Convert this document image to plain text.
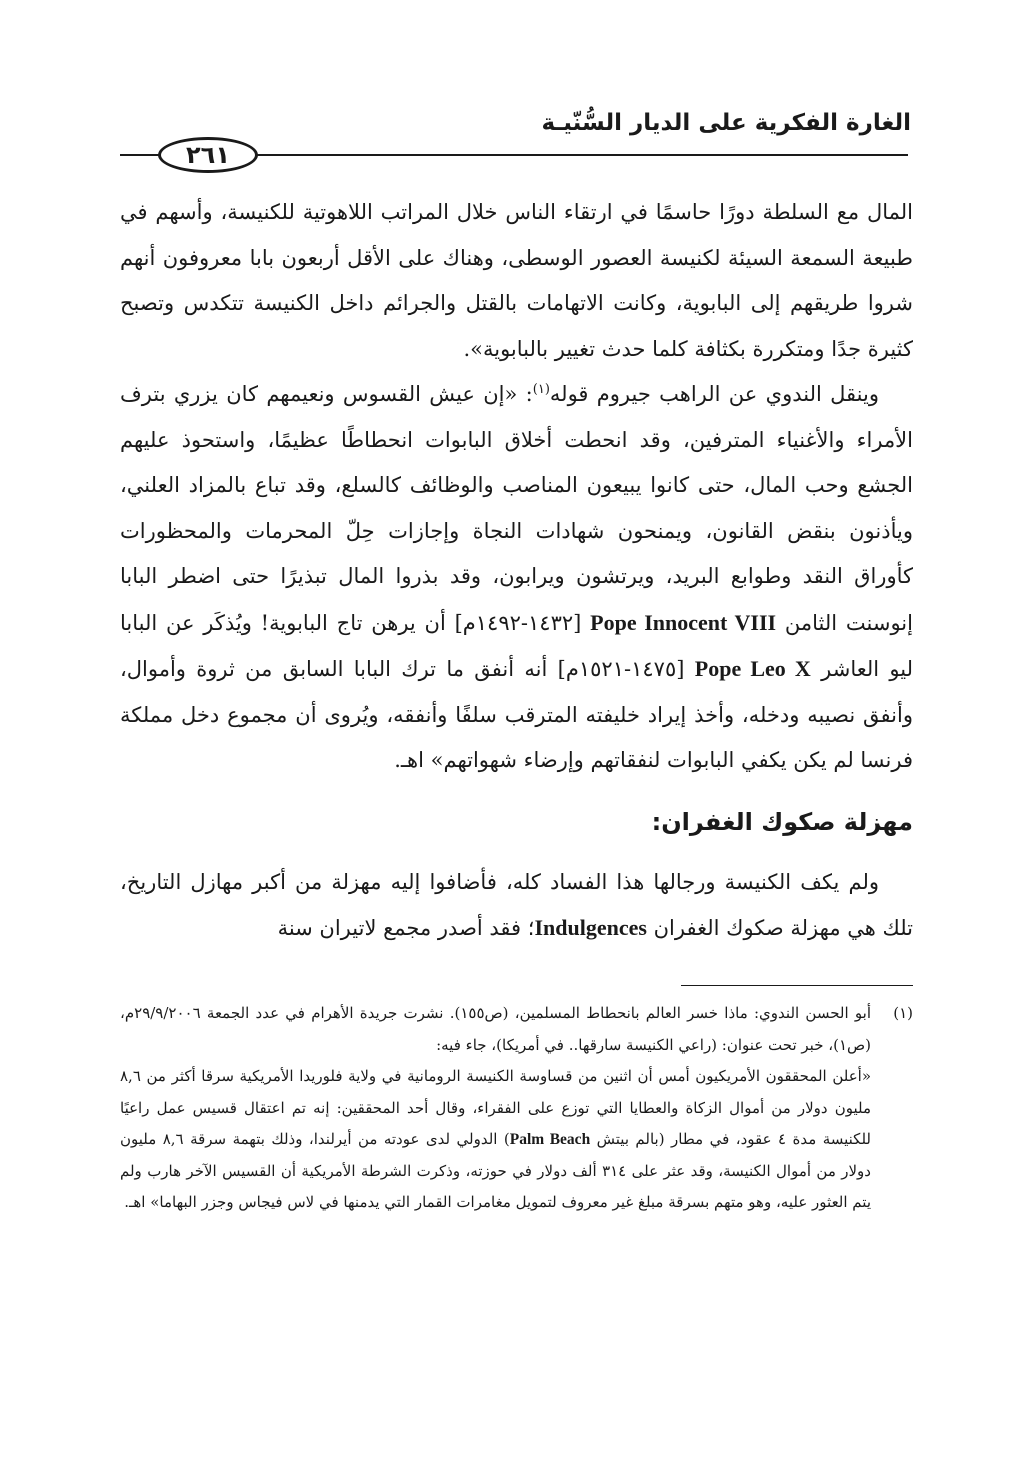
الغارة الفكرية على الديار السُّنّيـة
٢٦١

المال مع السلطة دورًا حاسمًا في ارتقاء الناس خلال المراتب اللاهوتية للكنيسة، وأسهم في طبيعة السمعة السيئة لكنيسة العصور الوسطى، وهناك على الأقل أربعون بابا معروفون أنهم شروا طريقهم إلى البابوية، وكانت الاتهامات بالقتل والجرائم داخل الكنيسة تتكدس وتصبح كثيرة جدًا ومتكررة بكثافة كلما حدث تغيير بالبابوية».

وينقل الندوي عن الراهب جيروم قوله$^{(١)}$: «إن عيش القسوس ونعيمهم كان يزري بترف الأمراء والأغنياء المترفين، وقد انحطت أخلاق البابوات انحطاطًا عظيمًا، واستحوذ عليهم الجشع وحب المال، حتى كانوا يبيعون المناصب والوظائف كالسلع، وقد تباع بالمزاد العلني، ويأذنون بنقض القانون، ويمنحون شهادات النجاة وإجازات حِلّ المحرمات والمحظورات كأوراق النقد وطوابع البريد، ويرتشون ويرابون، وقد بذروا المال تبذيرًا حتى اضطر البابا إنوسنت الثامن Pope Innocent VIII [١٤٣٢-١٤٩٢م] أن يرهن تاج البابوية! ويُذكَر عن البابا ليو العاشر Pope Leo X [١٤٧٥-١٥٢١م] أنه أنفق ما ترك البابا السابق من ثروة وأموال، وأنفق نصيبه ودخله، وأخذ إيراد خليفته المترقب سلفًا وأنفقه، ويُروى أن مجموع دخل مملكة فرنسا لم يكن يكفي البابوات لنفقاتهم وإرضاء شهواتهم» اهـ.

مهزلة صكوك الغفران:

ولم يكف الكنيسة ورجالها هذا الفساد كله، فأضافوا إليه مهزلة من أكبر مهازل التاريخ، تلك هي مهزلة صكوك الغفران Indulgences؛ فقد أصدر مجمع لاتيران سنة

(١)

أبو الحسن الندوي: ماذا خسر العالم بانحطاط المسلمين، (ص١٥٥). نشرت جريدة الأهرام في عدد الجمعة ٢٩/٩/٢٠٠٦م، (ص١)، خبر تحت عنوان: (راعي الكنيسة سارقها.. في أمريكا)، جاء فيه:

«أعلن المحققون الأمريكيون أمس أن اثنين من قساوسة الكنيسة الرومانية في ولاية فلوريدا الأمريكية سرقا أكثر من ٨,٦ مليون دولار من أموال الزكاة والعطايا التي توزع على الفقراء، وقال أحد المحققين: إنه تم اعتقال قسيس عمل راعيًا للكنيسة مدة ٤ عقود، في مطار (بالم بيتش Palm Beach) الدولي لدى عودته من أيرلندا، وذلك بتهمة سرقة ٨,٦ مليون دولار من أموال الكنيسة، وقد عثر على ٣١٤ ألف دولار في حوزته، وذكرت الشرطة الأمريكية أن القسيس الآخر هارب ولم يتم العثور عليه، وهو متهم بسرقة مبلغ غير معروف لتمويل مغامرات القمار التي يدمنها في لاس فيجاس وجزر البهاما» اهـ.
